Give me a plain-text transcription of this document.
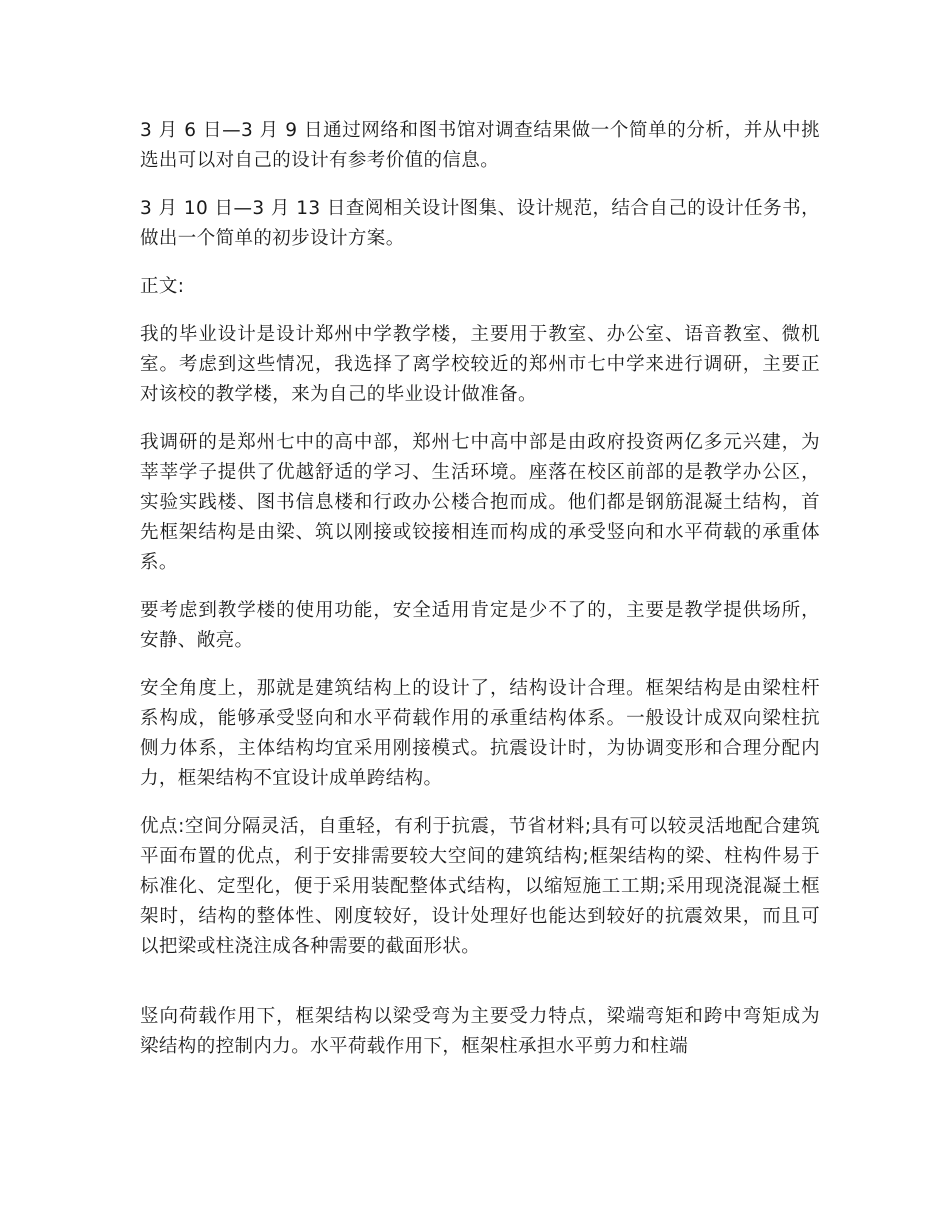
3 月 6 日—3 月 9 日通过网络和图书馆对调查结果做一个简单的分析，并从中挑选出可以对自己的设计有参考价值的信息。

3 月 10 日—3 月 13 日查阅相关设计图集、设计规范，结合自己的设计任务书，做出一个简单的初步设计方案。

正文:

我的毕业设计是设计郑州中学教学楼，主要用于教室、办公室、语音教室、微机室。考虑到这些情况，我选择了离学校较近的郑州市七中学来进行调研，主要正对该校的教学楼，来为自己的毕业设计做准备。

我调研的是郑州七中的高中部，郑州七中高中部是由政府投资两亿多元兴建，为莘莘学子提供了优越舒适的学习、生活环境。座落在校区前部的是教学办公区，实验实践楼、图书信息楼和行政办公楼合抱而成。他们都是钢筋混凝土结构，首先框架结构是由梁、筑以刚接或铰接相连而构成的承受竖向和水平荷载的承重体系。

要考虑到教学楼的使用功能，安全适用肯定是少不了的，主要是教学提供场所，安静、敞亮。

安全角度上，那就是建筑结构上的设计了，结构设计合理。框架结构是由梁柱杆系构成，能够承受竖向和水平荷载作用的承重结构体系。一般设计成双向梁柱抗侧力体系，主体结构均宜采用刚接模式。抗震设计时，为协调变形和合理分配内力，框架结构不宜设计成单跨结构。

优点:空间分隔灵活，自重轻，有利于抗震，节省材料;具有可以较灵活地配合建筑平面布置的优点，利于安排需要较大空间的建筑结构;框架结构的梁、柱构件易于标准化、定型化，便于采用装配整体式结构，以缩短施工工期;采用现浇混凝土框架时，结构的整体性、刚度较好，设计处理好也能达到较好的抗震效果，而且可以把梁或柱浇注成各种需要的截面形状。

竖向荷载作用下，框架结构以梁受弯为主要受力特点，梁端弯矩和跨中弯矩成为梁结构的控制内力。水平荷载作用下，框架柱承担水平剪力和柱端
